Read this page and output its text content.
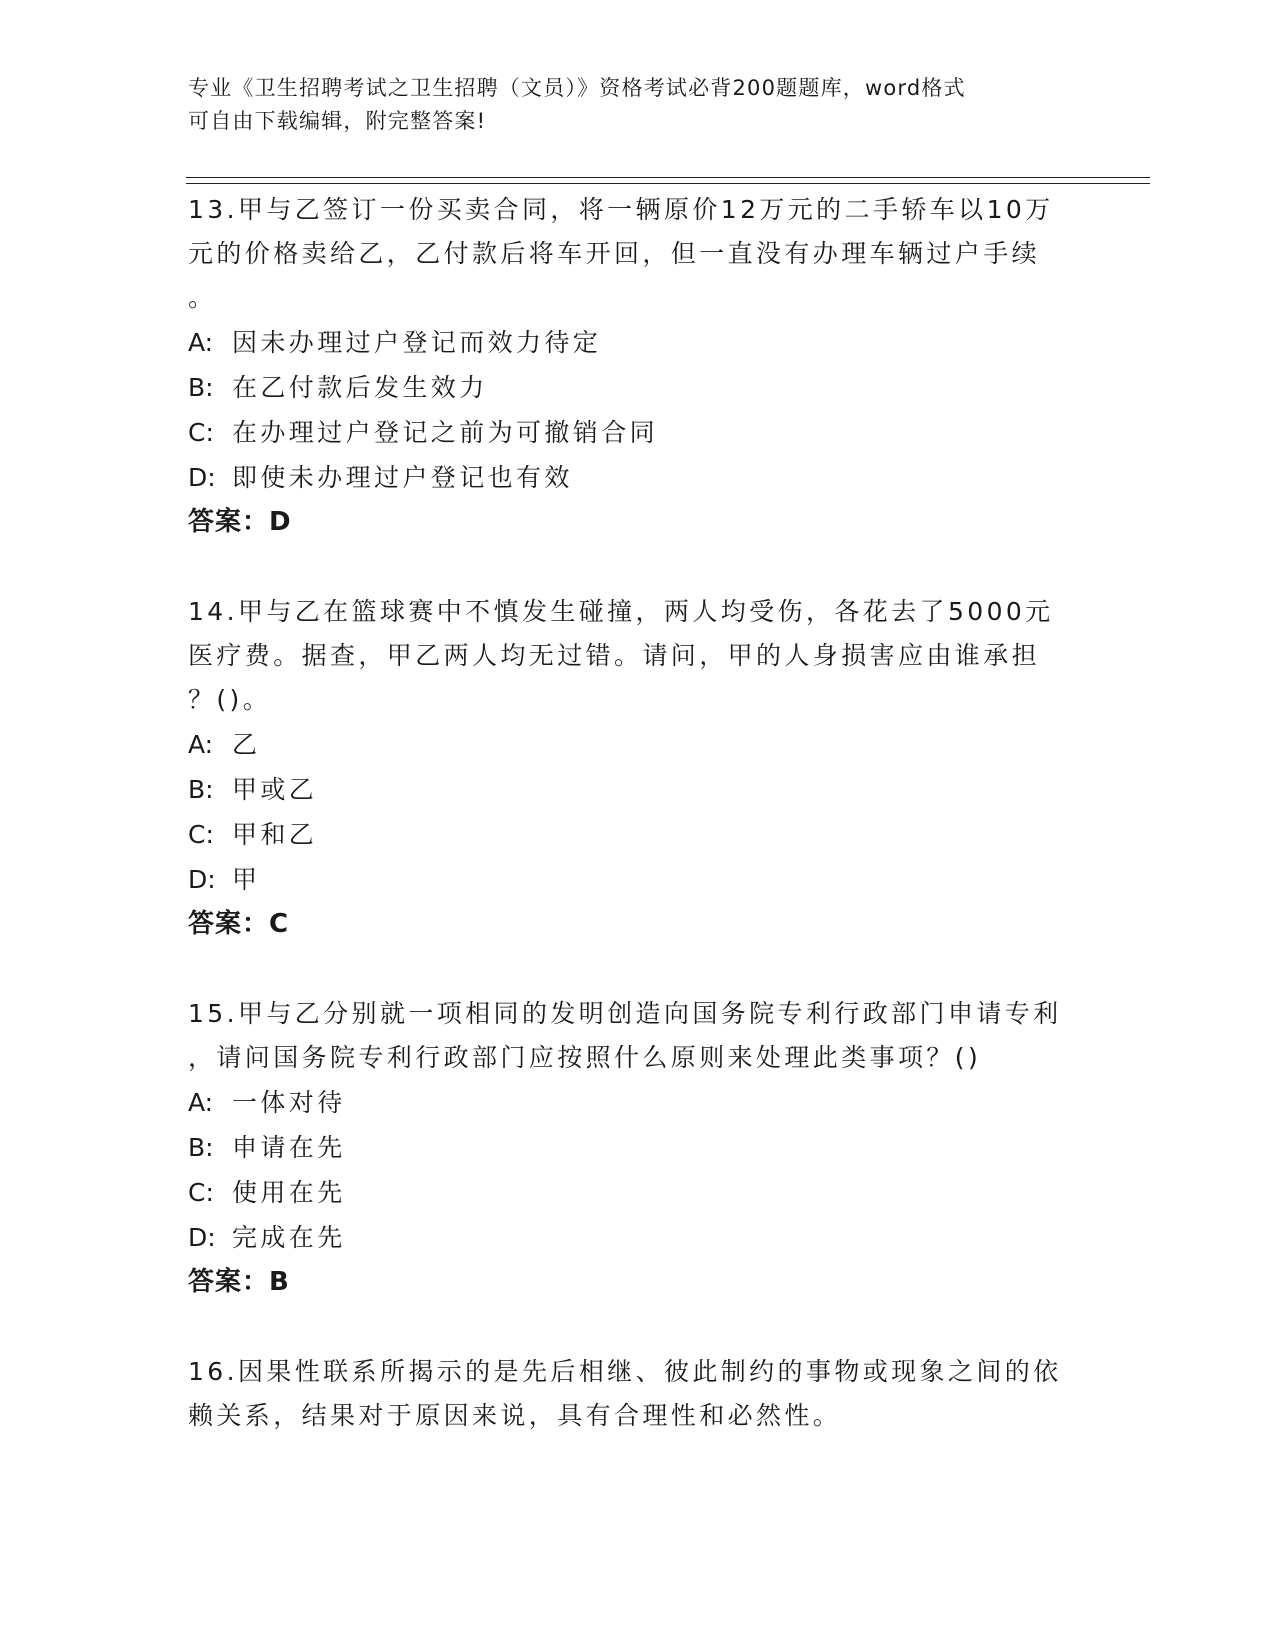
专业《卫生招聘考试之卫生招聘（文员）》资格考试必背200题题库，word格式
可自由下载编辑，附完整答案!
13.甲与乙签订一份买卖合同，将一辆原价12万元的二手轿车以10万
元的价格卖给乙，乙付款后将车开回，但一直没有办理车辆过户手续
。
A: 因未办理过户登记而效力待定
B: 在乙付款后发生效力
C: 在办理过户登记之前为可撤销合同
D: 即使未办理过户登记也有效
答案：D
14.甲与乙在篮球赛中不慎发生碰撞，两人均受伤，各花去了5000元
医疗费。据查，甲乙两人均无过错。请问，甲的人身损害应由谁承担
？()。
A: 乙
B: 甲或乙
C: 甲和乙
D: 甲
答案：C
15.甲与乙分别就一项相同的发明创造向国务院专利行政部门申请专利
，请问国务院专利行政部门应按照什么原则来处理此类事项？()
A: 一体对待
B: 申请在先
C: 使用在先
D: 完成在先
答案：B
16.因果性联系所揭示的是先后相继、彼此制约的事物或现象之间的依
赖关系，结果对于原因来说，具有合理性和必然性。
